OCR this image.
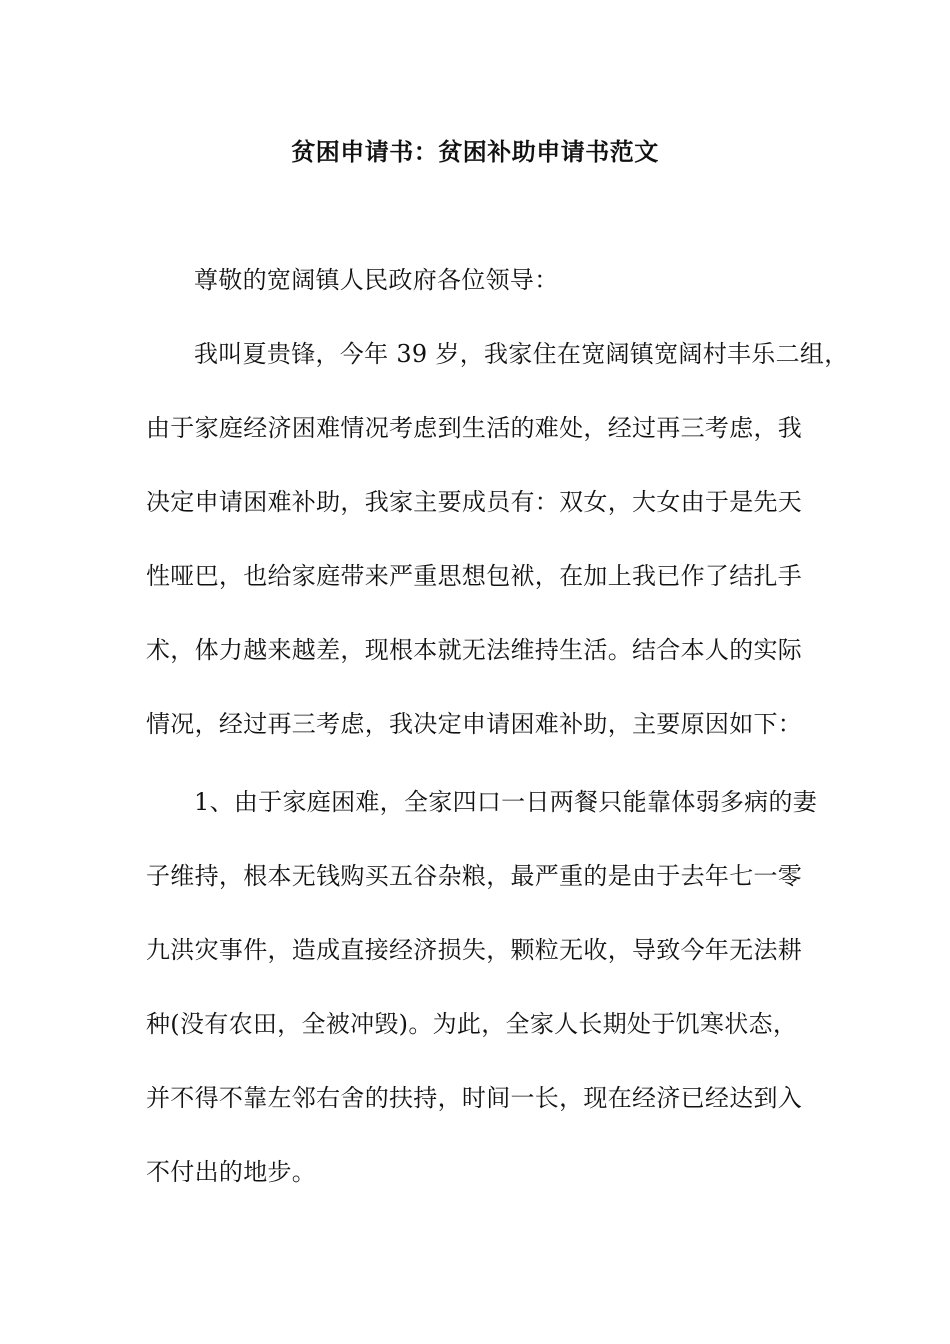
贫困申请书：贫困补助申请书范文
尊敬的宽阔镇人民政府各位领导：
我叫夏贵锋，今年 39 岁，我家住在宽阔镇宽阔村丰乐二组，
由于家庭经济困难情况考虑到生活的难处，经过再三考虑，我
决定申请困难补助，我家主要成员有：双女，大女由于是先天
性哑巴，也给家庭带来严重思想包袱，在加上我已作了结扎手
术，体力越来越差，现根本就无法维持生活。结合本人的实际
情况，经过再三考虑，我决定申请困难补助，主要原因如下：
1、由于家庭困难，全家四口一日两餐只能靠体弱多病的妻
子维持，根本无钱购买五谷杂粮，最严重的是由于去年七一零
九洪灾事件，造成直接经济损失，颗粒无收，导致今年无法耕
种(没有农田，全被冲毁)。为此，全家人长期处于饥寒状态，
并不得不靠左邻右舍的扶持，时间一长，现在经济已经达到入
不付出的地步。
